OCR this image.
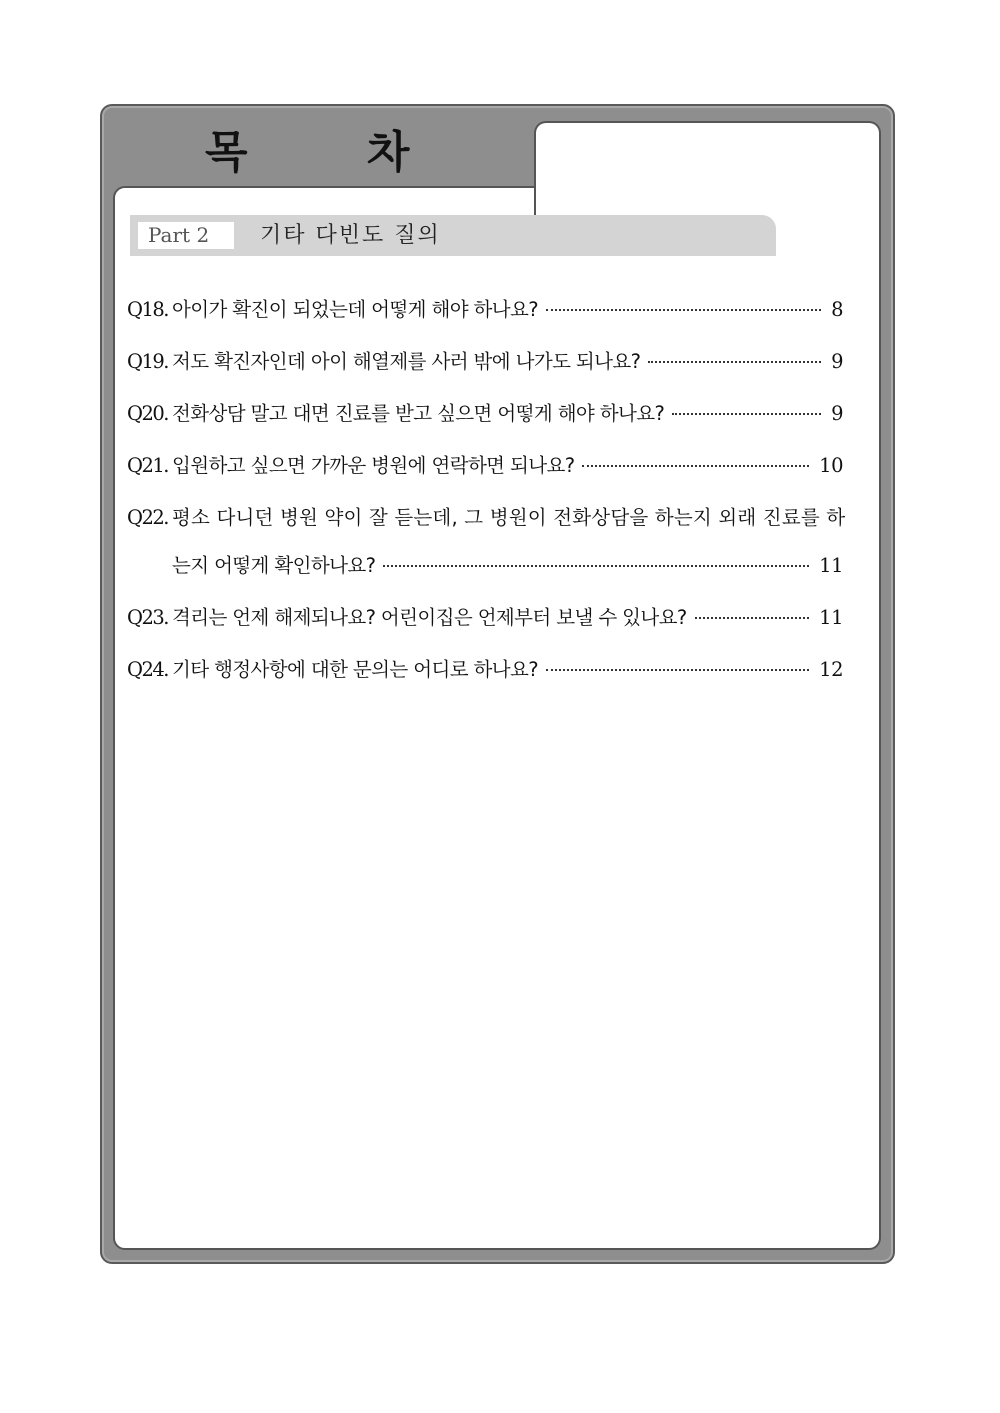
목 차
Part 2	기타 다빈도 질의
Q18. 아이가 확진이 되었는데 어떻게 해야 하나요?	8
Q19. 저도 확진자인데 아이 해열제를 사러 밖에 나가도 되나요?	9
Q20. 전화상담 말고 대면 진료를 받고 싶으면 어떻게 해야 하나요?	9
Q21. 입원하고 싶으면 가까운 병원에 연락하면 되나요?	10
Q22. 평소 다니던 병원 약이 잘 듣는데, 그 병원이 전화상담을 하는지 외래 진료를 하
는지 어떻게 확인하나요?	11
Q23. 격리는 언제 해제되나요? 어린이집은 언제부터 보낼 수 있나요?	11
Q24. 기타 행정사항에 대한 문의는 어디로 하나요?	12
